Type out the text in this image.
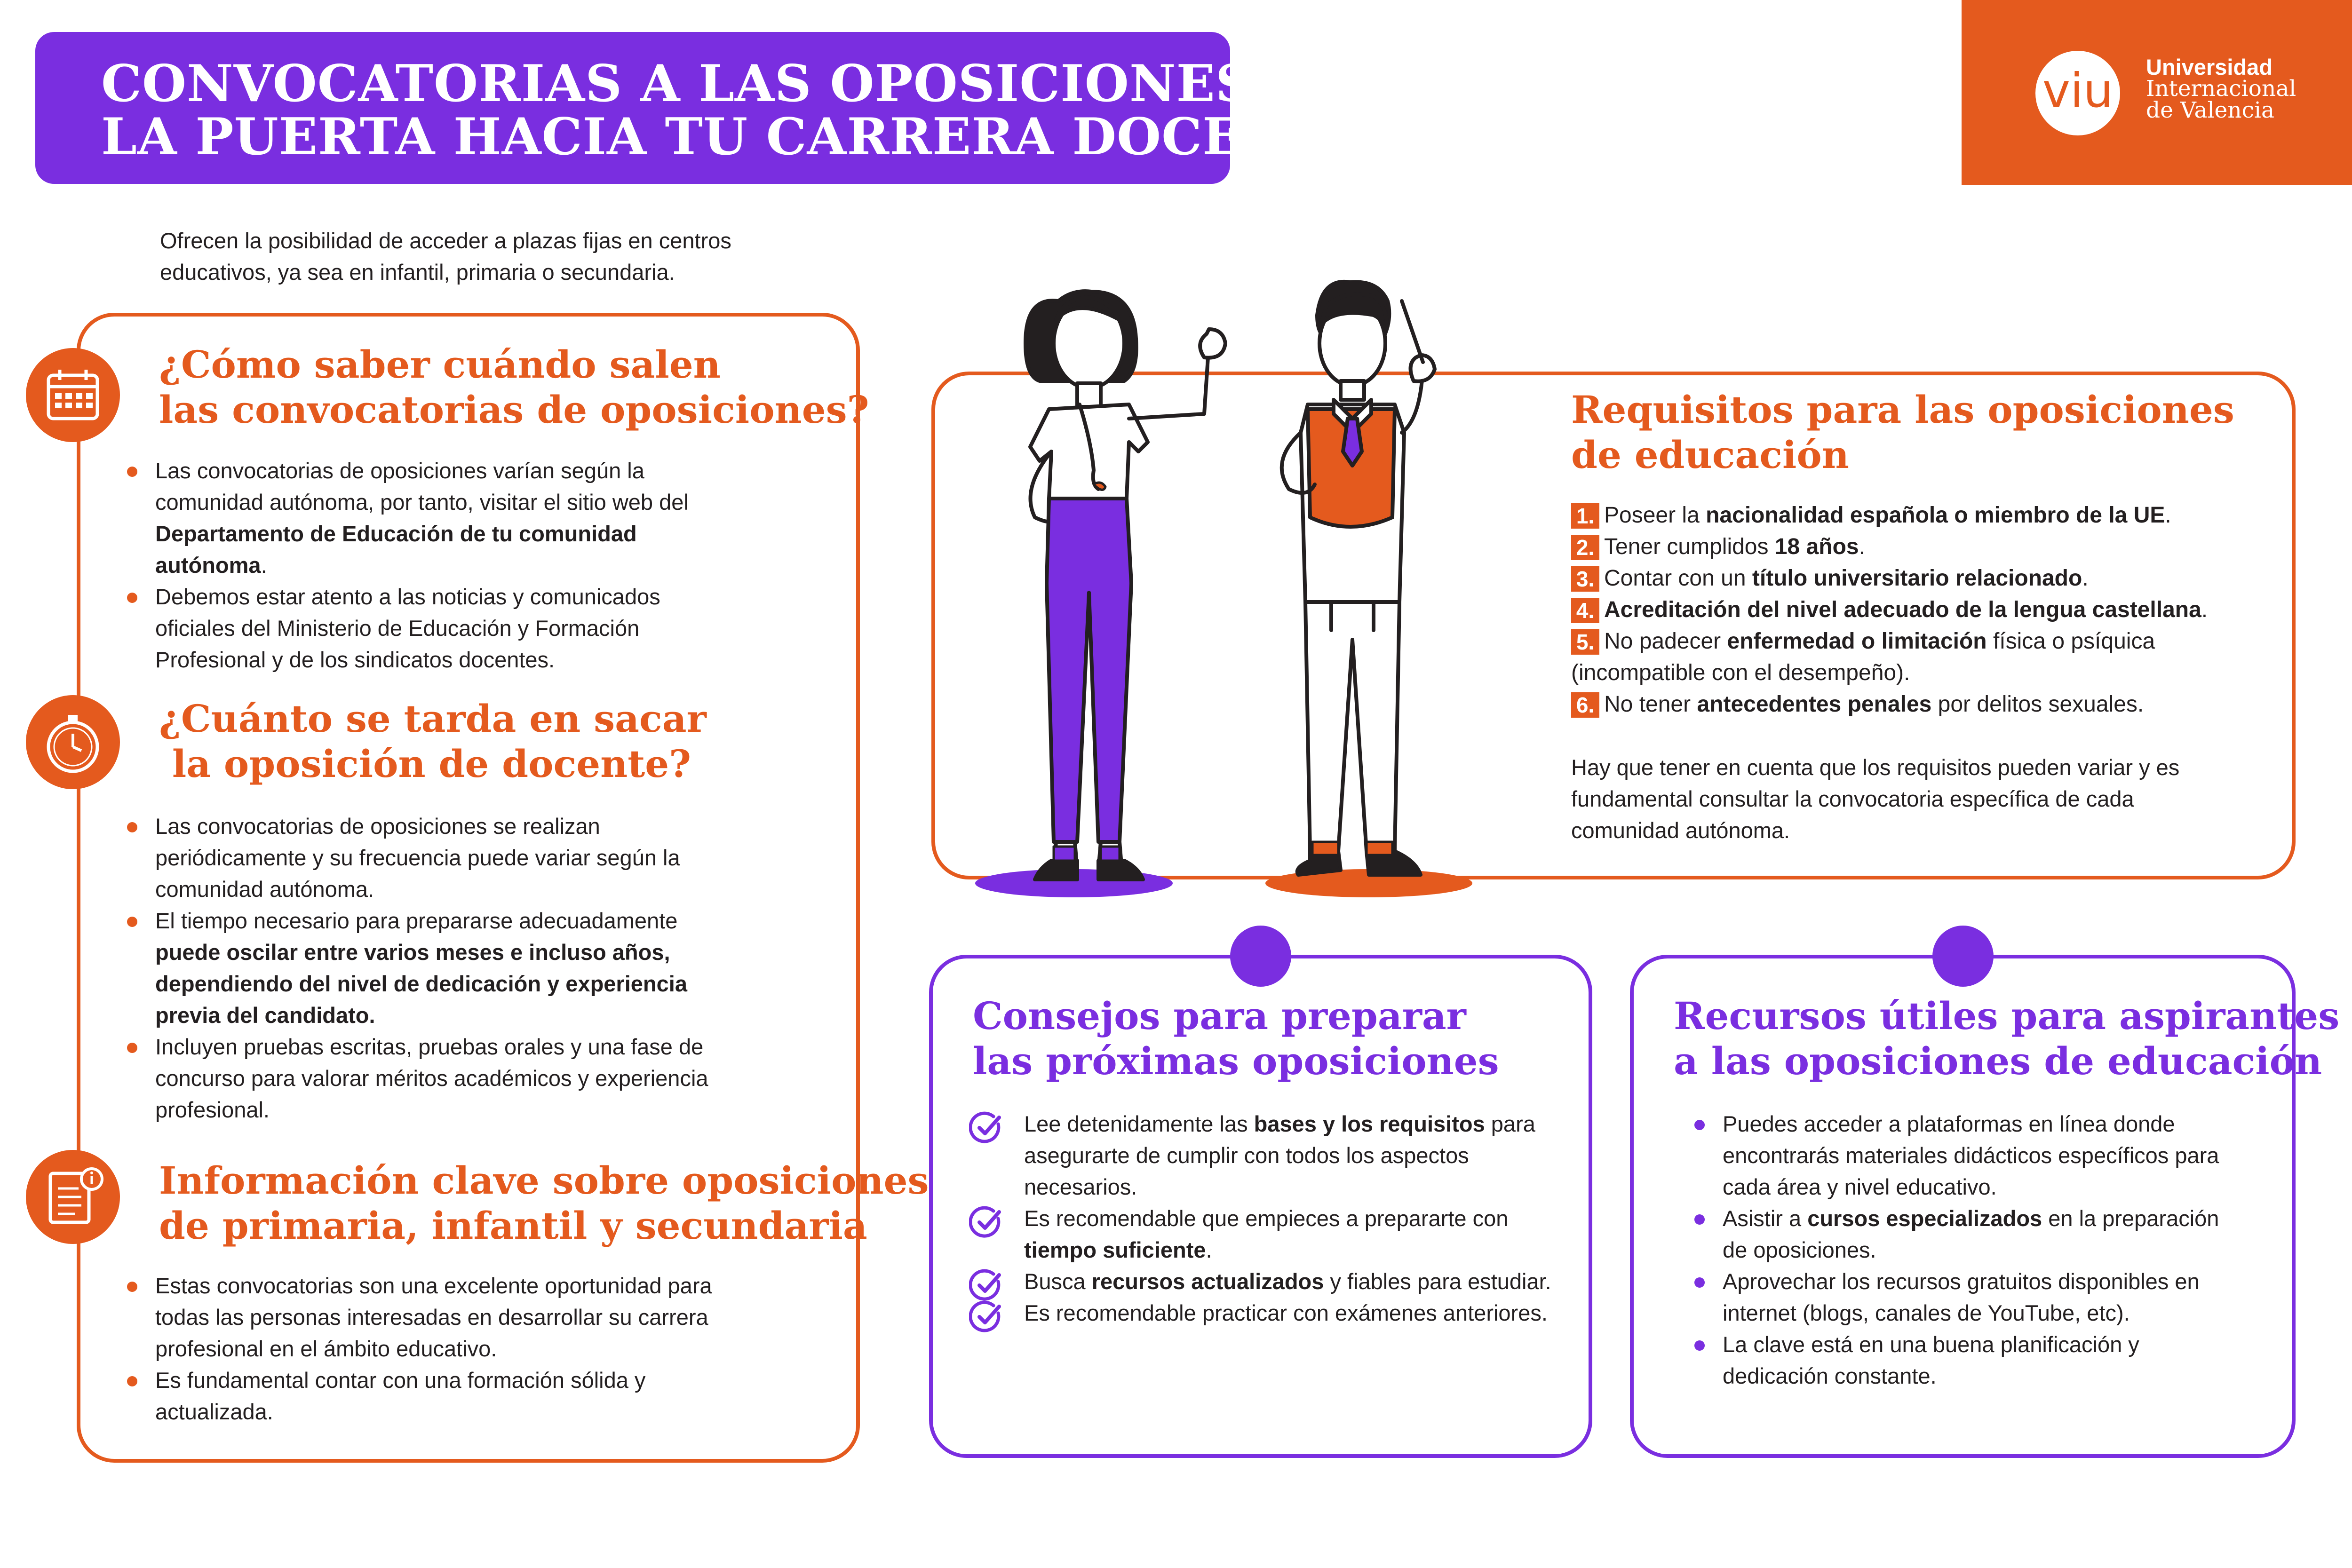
CONVOCATORIAS A LAS OPOSICIONES:
LA PUERTA HACIA TU CARRERA DOCENTE
viu	Universidad
Internacional
de Valencia
Ofrecen la posibilidad de acceder a plazas fijas en centros
educativos, ya sea en infantil, primaria o secundaria.
¿Cómo saber cuándo salen
las convocatorias de oposiciones?
Las convocatorias de oposiciones varían según la comunidad autónoma, por tanto, visitar el sitio web del Departamento de Educación de tu comunidad autónoma.
Debemos estar atento a las noticias y comunicados oficiales del Ministerio de Educación y Formación Profesional y de los sindicatos docentes.
¿Cuánto se tarda en sacar
la oposición de docente?
Las convocatorias de oposiciones se realizan periódicamente y su frecuencia puede variar según la comunidad autónoma.
El tiempo necesario para prepararse adecuadamente puede oscilar entre varios meses e incluso años, dependiendo del nivel de dedicación y experiencia previa del candidato.
Incluyen pruebas escritas, pruebas orales y una fase de concurso para valorar méritos académicos y experiencia profesional.
Información clave sobre oposiciones
de primaria, infantil y secundaria
Estas convocatorias son una excelente oportunidad para todas las personas interesadas en desarrollar su carrera profesional en el ámbito educativo.
Es fundamental contar con una formación sólida y actualizada.
Requisitos para las oposiciones
de educación
1. Poseer la nacionalidad española o miembro de la UE.
2. Tener cumplidos 18 años.
3. Contar con un título universitario relacionado.
4. Acreditación del nivel adecuado de la lengua castellana.
5. No padecer enfermedad o limitación física o psíquica
(incompatible con el desempeño).
6. No tener antecedentes penales por delitos sexuales.
Hay que tener en cuenta que los requisitos pueden variar y es fundamental consultar la convocatoria específica de cada comunidad autónoma.
Consejos para preparar
las próximas oposiciones
Lee detenidamente las bases y los requisitos para asegurarte de cumplir con todos los aspectos necesarios.
Es recomendable que empieces a prepararte con tiempo suficiente.
Busca recursos actualizados y fiables para estudiar.
Es recomendable practicar con exámenes anteriores.
Recursos útiles para aspirantes
a las oposiciones de educación
Puedes acceder a plataformas en línea donde encontrarás materiales didácticos específicos para cada área y nivel educativo.
Asistir a cursos especializados en la preparación de oposiciones.
Aprovechar los recursos gratuitos disponibles en internet (blogs, canales de YouTube, etc).
La clave está en una buena planificación y dedicación constante.
